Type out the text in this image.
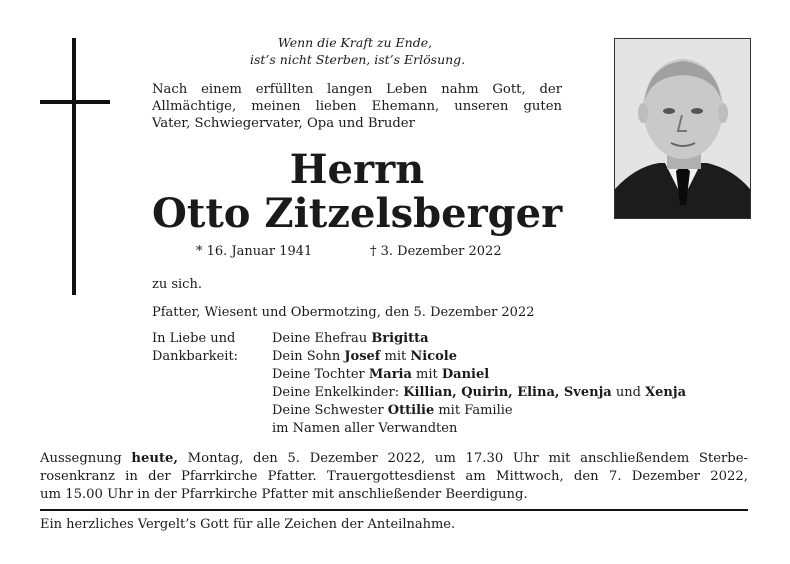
Wenn die Kraft zu Ende,
ist’s nicht Sterben, ist’s Erlösung.
Nach einem erfüllten langen Leben nahm Gott, der
Allmächtige, meinen lieben Ehemann, unseren guten
Vater, Schwiegervater, Opa und Bruder
Herrn
Otto Zitzelsberger
* 16. Januar 1941	† 3. Dezember 2022
zu sich.
Pfatter, Wiesent und Obermotzing, den 5. Dezember 2022
In Liebe und
Dankbarkeit:
Deine Ehefrau Brigitta
Dein Sohn Josef mit Nicole
Deine Tochter Maria mit Daniel
Deine Enkelkinder: Killian, Quirin, Elina, Svenja und Xenja
Deine Schwester Ottilie mit Familie
im Namen aller Verwandten
Aussegnung heute, Montag, den 5. Dezember 2022, um 17.30 Uhr mit anschließendem Sterbe-
rosenkranz in der Pfarrkirche Pfatter. Trauergottesdienst am Mittwoch, den 7. Dezember 2022,
um 15.00 Uhr in der Pfarrkirche Pfatter mit anschließender Beerdigung.
Ein herzliches Vergelt’s Gott für alle Zeichen der Anteilnahme.
